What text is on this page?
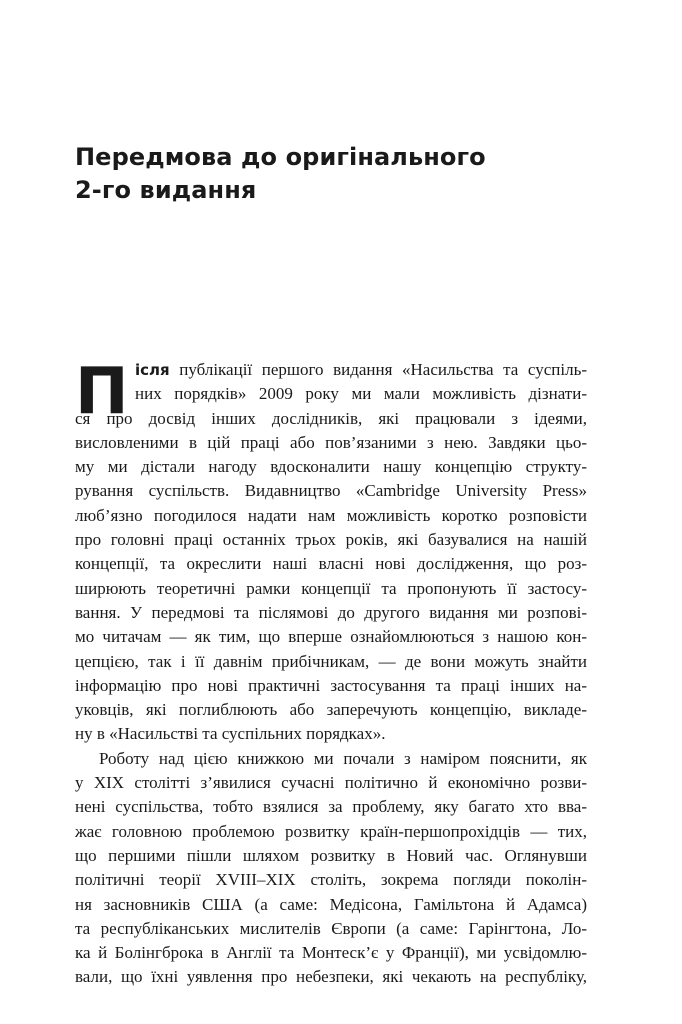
Передмова до оригінального
2-го видання
П ісля публікації першого видання «Насильства та суспіль-
них порядків» 2009 року ми мали можливість дізнати-
ся про досвід інших дослідників, які працювали з ідеями,
висловленими в цій праці або пов’язаними з нею. Завдяки цьо-
му ми дістали нагоду вдосконалити нашу концепцію структу-
рування суспільств. Видавництво «Cambridge University Press»
люб’язно погодилося надати нам можливість коротко розповісти
про головні праці останніх трьох років, які базувалися на нашій
концепції, та окреслити наші власні нові дослідження, що роз-
ширюють теоретичні рамки концепції та пропонують її застосу-
вання. У передмові та післямові до другого видання ми розпові-
мо читачам — як тим, що вперше ознайомлюються з нашою кон-
цепцією, так і її давнім прибічникам, — де вони можуть знайти
інформацію про нові практичні застосування та праці інших на-
уковців, які поглиблюють або заперечують концепцію, викладе-
ну в «Насильстві та суспільних порядках».
Роботу над цією книжкою ми почали з наміром пояснити, як
у XIX столітті з’явилися сучасні політично й економічно розви-
нені суспільства, тобто взялися за проблему, яку багато хто вва-
жає головною проблемою розвитку країн-першопрохідців — тих,
що першими пішли шляхом розвитку в Новий час. Оглянувши
політичні теорії XVIII–XIX століть, зокрема погляди поколін-
ня засновників США (а саме: Медісона, Гамільтона й Адамса)
та республіканських мислителів Європи (а саме: Гарінгтона, Ло-
ка й Болінгброка в Англії та Монтеск’є у Франції), ми усвідомлю-
вали, що їхні уявлення про небезпеки, які чекають на республіку,
